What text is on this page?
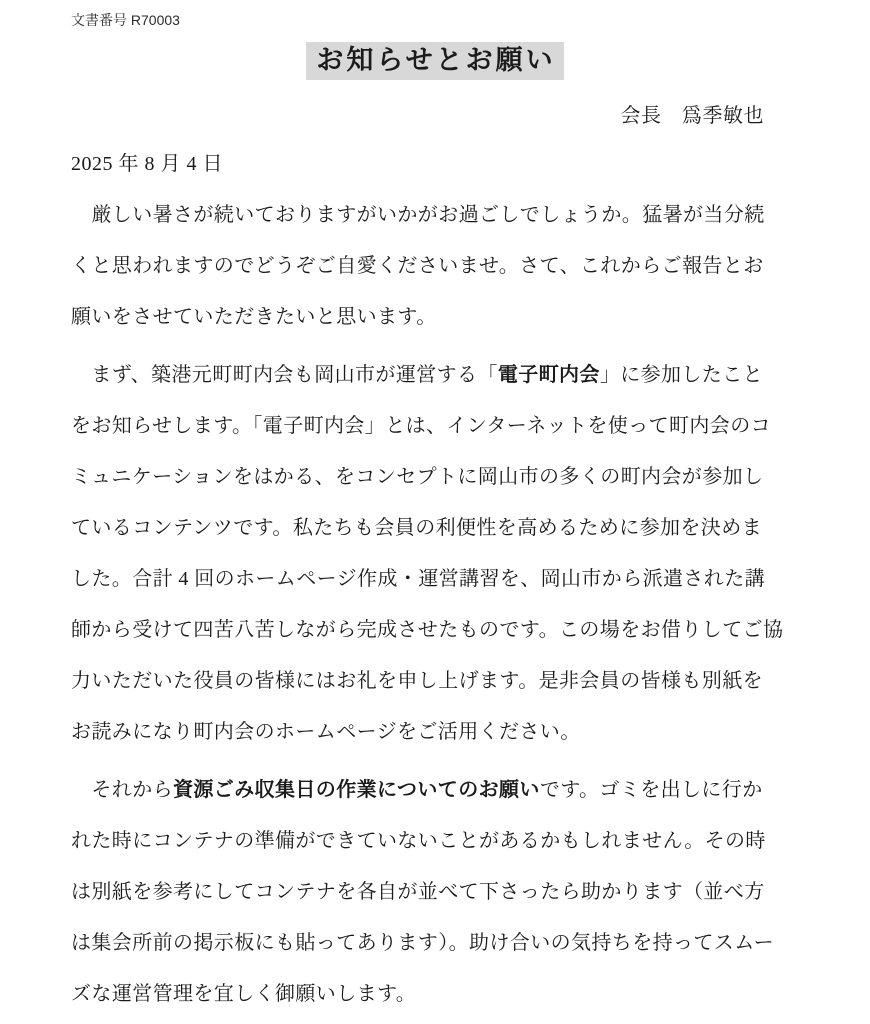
文書番号 R70003
お知らせとお願い
会長　爲季敏也
2025 年 8 月 4 日
　厳しい暑さが続いておりますがいかがお過ごしでしょうか。猛暑が当分続
くと思われますのでどうぞご自愛くださいませ。さて、これからご報告とお
願いをさせていただきたいと思います。
　まず、築港元町町内会も岡山市が運営する「電子町内会」に参加したこと
をお知らせします。「電子町内会」とは、インターネットを使って町内会のコ
ミュニケーションをはかる、をコンセプトに岡山市の多くの町内会が参加し
ているコンテンツです。私たちも会員の利便性を高めるために参加を決めま
した。合計 4 回のホームページ作成・運営講習を、岡山市から派遣された講
師から受けて四苦八苦しながら完成させたものです。この場をお借りしてご協
力いただいた役員の皆様にはお礼を申し上げます。是非会員の皆様も別紙を
お読みになり町内会のホームページをご活用ください。
　それから資源ごみ収集日の作業についてのお願いです。ゴミを出しに行か
れた時にコンテナの準備ができていないことがあるかもしれません。その時
は別紙を参考にしてコンテナを各自が並べて下さったら助かります（並べ方
は集会所前の掲示板にも貼ってあります）。助け合いの気持ちを持ってスムー
ズな運営管理を宜しく御願いします。
